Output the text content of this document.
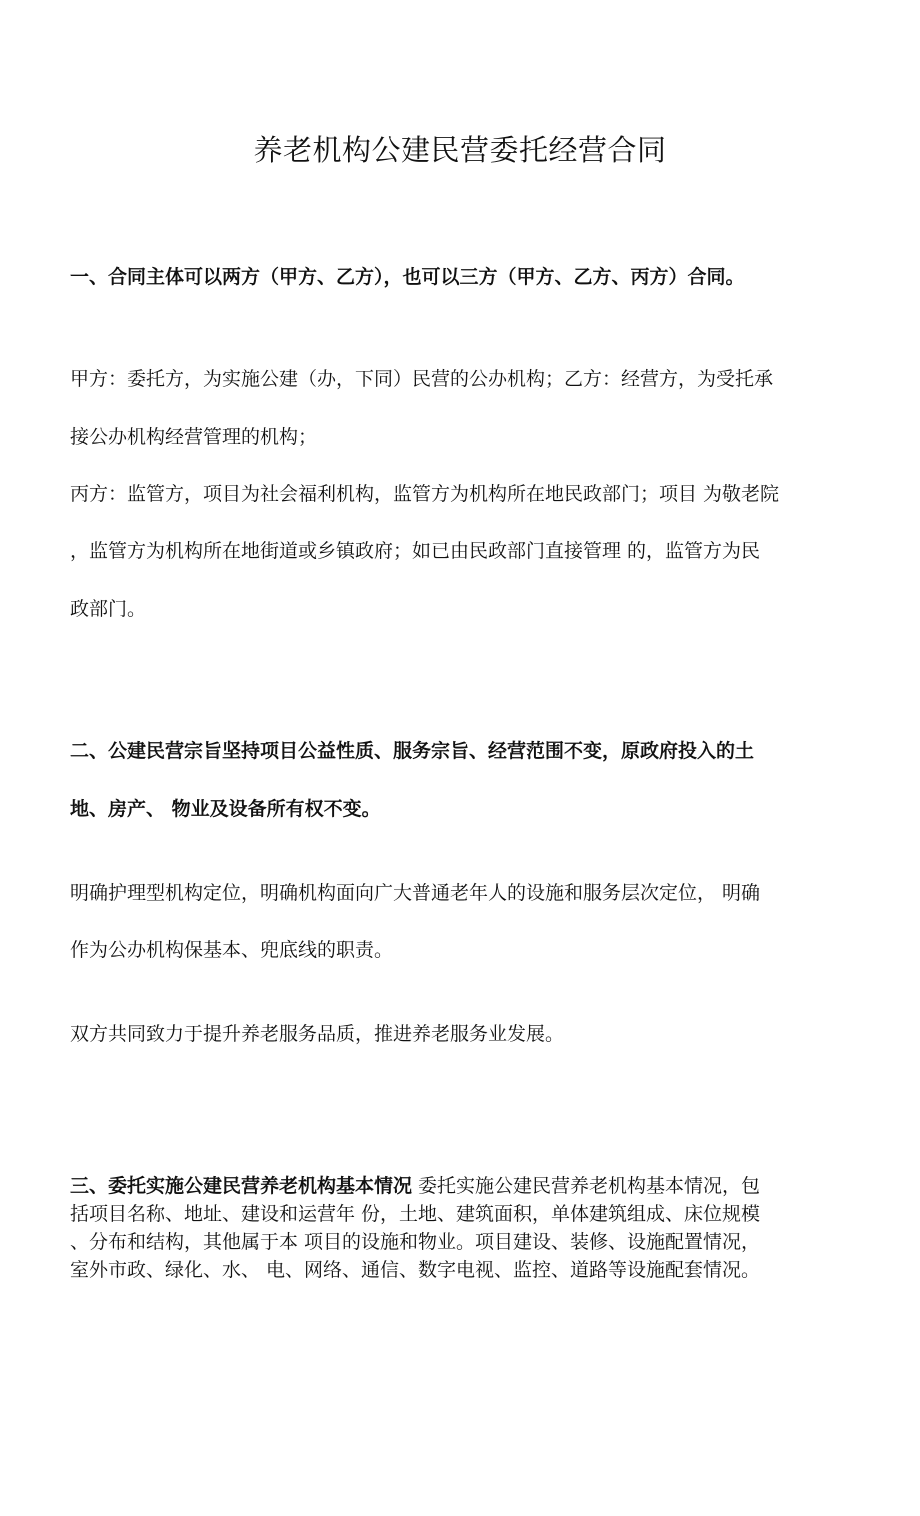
养老机构公建民营委托经营合同

一、合同主体可以两方（甲方、乙方），也可以三方（甲方、乙方、丙方）合同。

甲方：委托方，为实施公建（办，下同）民营的公办机构；乙方：经营方，为受托承

接公办机构经营管理的机构；

丙方：监管方，项目为社会福利机构，监管方为机构所在地民政部门；项目 为敬老院

，监管方为机构所在地街道或乡镇政府；如已由民政部门直接管理 的，监管方为民

政部门。

二、公建民营宗旨坚持项目公益性质、服务宗旨、经营范围不变，原政府投入的土

地、房产、 物业及设备所有权不变。

明确护理型机构定位，明确机构面向广大普通老年人的设施和服务层次定位， 明确

作为公办机构保基本、兜底线的职责。

双方共同致力于提升养老服务品质，推进养老服务业发展。

三、委托实施公建民营养老机构基本情况 委托实施公建民营养老机构基本情况，包

括项目名称、地址、建设和运营年 份，土地、建筑面积，单体建筑组成、床位规模

、分布和结构，其他属于本 项目的设施和物业。项目建设、装修、设施配置情况，

室外市政、绿化、水、 电、网络、通信、数字电视、监控、道路等设施配套情况。
